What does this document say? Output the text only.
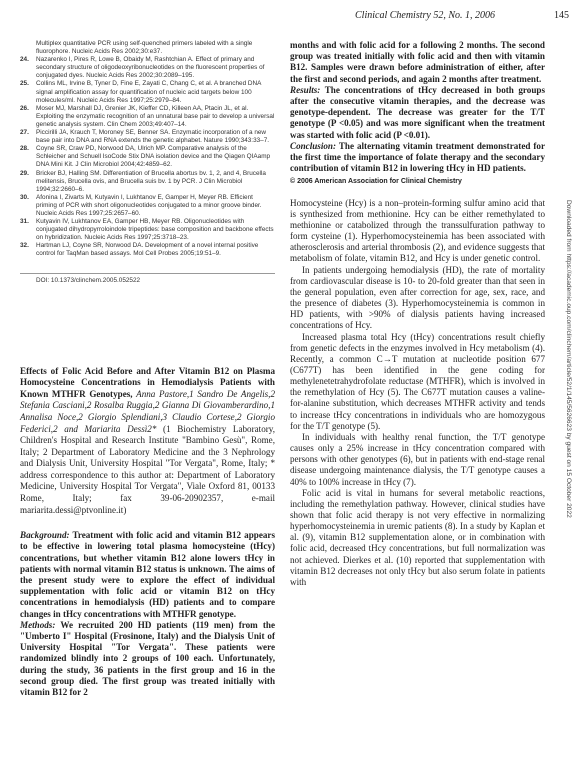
Clinical Chemistry 52, No. 1, 2006	145
Multiplex quantitative PCR using self-quenched primers labeled with a single fluorophore. Nucleic Acids Res 2002;30:e37.
24. Nazarenko I, Pires R, Lowe B, Obaidy M, Rashtchian A. Effect of primary and secondary structure of oligodeoxyribonucleotides on the fluorescent properties of conjugated dyes. Nucleic Acids Res 2002;30:2089–195.
25. Collins ML, Irvine B, Tyner D, Fine E, Zayati C, Chang C, et al. A branched DNA signal amplification assay for quantification of nucleic acid targets below 100 molecules/ml. Nucleic Acids Res 1997;25:2979–84.
26. Moser MJ, Marshall DJ, Grenier JK, Kieffer CD, Killeen AA, Ptacin JL, et al. Exploiting the enzymatic recognition of an unnatural base pair to develop a universal genetic analysis system. Clin Chem 2003;49:407–14.
27. Piccirilli JA, Krauch T, Moroney SE, Benner SA. Enzymatic incorporation of a new base pair into DNA and RNA extends the genetic alphabet. Nature 1990;343:33–7.
28. Coyne SR, Craw PD, Norwood DA, Ulrich MP. Comparative analysis of the Schleicher and Schuell IsoCode Stix DNA isolation device and the Qiagen QIAamp DNA Mini Kit. J Clin Microbiol 2004;42:4859–62.
29. Bricker BJ, Halling SM. Differentiation of Brucella abortus bv. 1, 2, and 4, Brucella melitensis, Brucella ovis, and Brucella suis bv. 1 by PCR. J Clin Microbiol 1994;32:2660–6.
30. Afonina I, Zivarts M, Kutyavin I, Lukhtanov E, Gamper H, Meyer RB. Efficient priming of PCR with short oligonucleotides conjugated to a minor groove binder. Nucleic Acids Res 1997;25:2657–60.
31. Kutyavin IV, Lukhtanov EA, Gamper HB, Meyer RB. Oligonucleotides with conjugated dihydropyrroloindole tripeptides: base composition and backbone effects on hybridization. Nucleic Acids Res 1997;25:3718–23.
32. Hartman LJ, Coyne SR, Norwood DA. Development of a novel internal positive control for TaqMan based assays. Mol Cell Probes 2005;19:51–9.
DOI: 10.1373/clinchem.2005.052522
Effects of Folic Acid Before and After Vitamin B12 on Plasma Homocysteine Concentrations in Hemodialysis Patients with Known MTHFR Genotypes, Anna Pastore,1 Sandro De Angelis,2 Stefania Casciani,2 Rosalba Ruggia,2 Gianna Di Giovamberardino,1 Annalisa Noce,2 Giorgio Splendiani,3 Claudio Cortese,2 Giorgio Federici,2 and Mariarita Dessì2* (1 Biochemistry Laboratory, Children's Hospital and Research Institute "Bambino Gesù", Rome, Italy; 2 Department of Laboratory Medicine and the 3 Nephrology and Dialysis Unit, University Hospital "Tor Vergata", Rome, Italy; * address correspondence to this author at: Department of Laboratory Medicine, University Hospital Tor Vergata", Viale Oxford 81, 00133 Rome, Italy; fax 39-06-20902357, e-mail mariarita.dessi@ptvonline.it)

Background: Treatment with folic acid and vitamin B12 appears to be effective in lowering total plasma homocysteine (tHcy) concentrations, but whether vitamin B12 alone lowers tHcy in patients with normal vitamin B12 status is unknown. The aims of the present study were to explore the effect of individual supplementation with folic acid or vitamin B12 on tHcy concentrations in hemodialysis (HD) patients and to compare changes in tHcy concentrations with MTHFR genotype.

Methods: We recruited 200 HD patients (119 men) from the "Umberto I" Hospital (Frosinone, Italy) and the Dialysis Unit of University Hospital "Tor Vergata". These patients were randomized blindly into 2 groups of 100 each. Unfortunately, during the study, 36 patients in the first group and 16 in the second group died. The first group was treated initially with vitamin B12 for 2

months and with folic acid for a following 2 months. The second group was treated initially with folic acid and then with vitamin B12. Samples were drawn before administration of either, after the first and second periods, and again 2 months after treatment.

Results: The concentrations of tHcy decreased in both groups after the consecutive vitamin therapies, and the decrease was genotype-dependent. The decrease was greater for the T/T genotype (P <0.05) and was more significant when the treatment was started with folic acid (P <0.01).

Conclusion: The alternating vitamin treatment demonstrated for the first time the importance of folate therapy and the secondary contribution of vitamin B12 in lowering tHcy in HD patients.

© 2006 American Association for Clinical Chemistry

Homocysteine (Hcy) is a non–protein-forming sulfur amino acid that is synthesized from methionine. Hcy can be either remethylated to methionine or catabolized through the transsulfuration pathway to form cysteine (1). Hyperhomocysteinemia has been associated with atherosclerosis and arterial thrombosis (2), and evidence suggests that metabolism of folate, vitamin B12, and Hcy is under genetic control.

In patients undergoing hemodialysis (HD), the rate of mortality from cardiovascular disease is 10- to 20-fold greater than that seen in the general population, even after correction for age, sex, race, and the presence of diabetes (3). Hyperhomocysteinemia is common in HD patients, with >90% of dialysis patients having increased concentrations of Hcy.

Increased plasma total Hcy (tHcy) concentrations result chiefly from genetic defects in the enzymes involved in Hcy metabolism (4). Recently, a common C→T mutation at nucleotide position 677 (C677T) has been identified in the gene coding for methylenetetrahydrofolate reductase (MTHFR), which is involved in the remethylation of Hcy (5). The C677T mutation causes a valine-for-alanine substitution, which decreases MTHFR activity and tends to increase tHcy concentrations in individuals who are homozygous for the T/T genotype (5).

In individuals with healthy renal function, the T/T genotype causes only a 25% increase in tHcy concentration compared with persons with other genotypes (6), but in patients with end-stage renal disease undergoing maintenance dialysis, the T/T genotype causes a 40% to 100% increase in tHcy (7).

Folic acid is vital in humans for several metabolic reactions, including the remethylation pathway. However, clinical studies have shown that folic acid therapy is not very effective in normalizing hyperhomocysteinemia in uremic patients (8). In a study by Kaplan et al. (9), vitamin B12 supplementation alone, or in combination with folic acid, decreased tHcy concentrations, but full normalization was not achieved. Dierkes et al. (10) reported that supplementation with vitamin B12 decreases not only tHcy but also serum folate in patients with

Downloaded from https://academic.oup.com/clinchem/article/52/1/145/5626623 by guest on 15 October 2022
